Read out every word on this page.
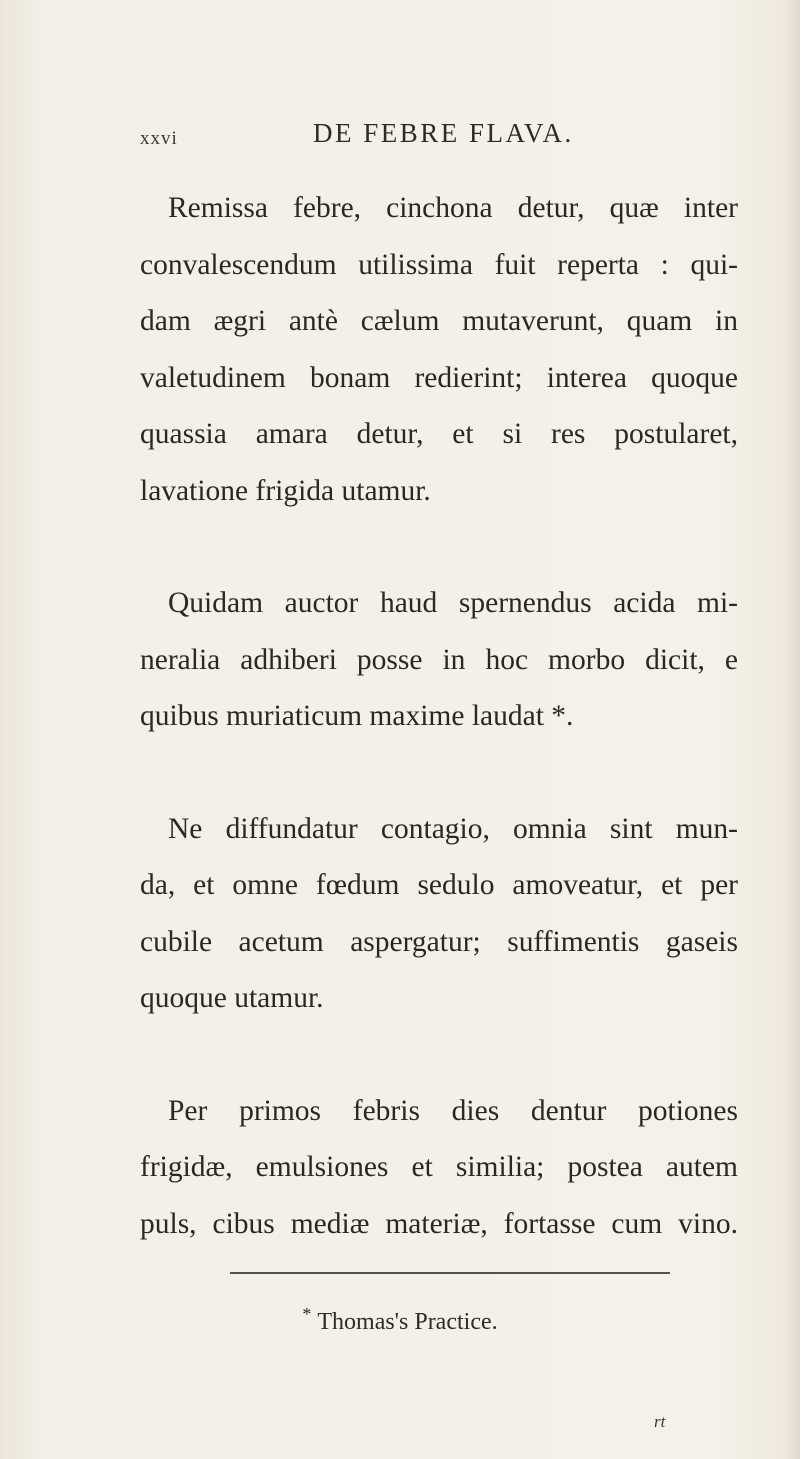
xxvi	DE FEBRE FLAVA.

Remissa febre, cinchona detur, quæ inter
convalescendum utilissima fuit reperta : qui-
dam ægri antè cælum mutaverunt, quam in
valetudinem bonam redierint; interea quoque
quassia amara detur, et si res postularet,
lavatione frigida utamur.

Quidam auctor haud spernendus acida mi-
neralia adhiberi posse in hoc morbo dicit, e
quibus muriaticum maxime laudat *.

Ne diffundatur contagio, omnia sint mun-
da, et omne fœdum sedulo amoveatur, et per
cubile acetum aspergatur; suffimentis gaseis
quoque utamur.

Per primos febris dies dentur potiones
frigidæ, emulsiones et similia; postea autem
puls, cibus mediæ materiæ, fortasse cum vino.

* Thomas's Practice.
rt
